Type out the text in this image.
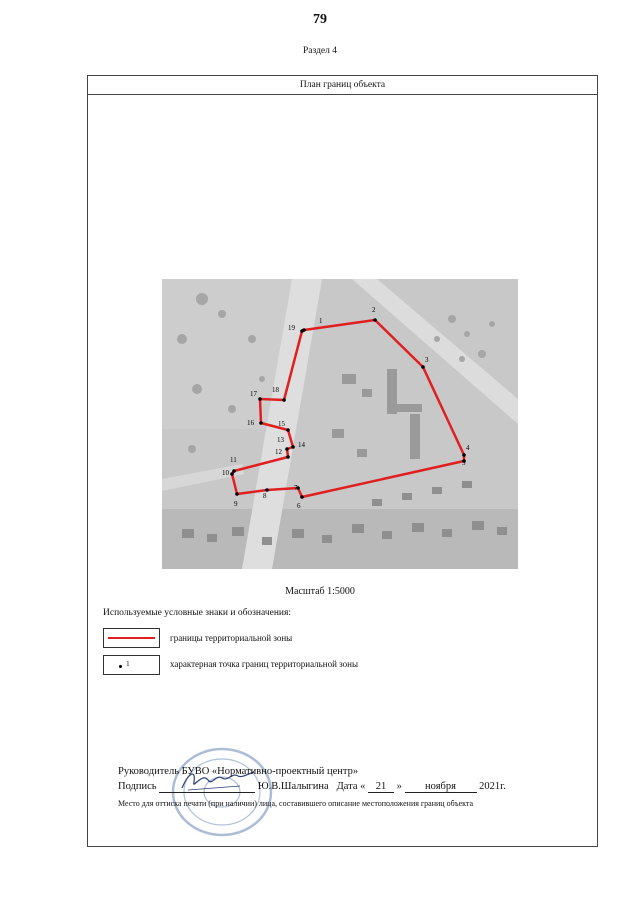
79
Раздел 4
План границ объекта
1
2
3
4
5
6
7
8
9
10
11
12
13
14
15
16
17 18
19
Масштаб 1:5000
Используемые условные знаки и обозначения:
границы территориальной зоны
1	характерная точка границ территориальной зоны
Руководитель БУВО «Нормативно-проектный центр»
Подпись	Ю.В.Шалыгина Дата « 21 » ноября 2021г.
Место для оттиска печати (при наличии) лица, составившего описание местоположения границ объекта
